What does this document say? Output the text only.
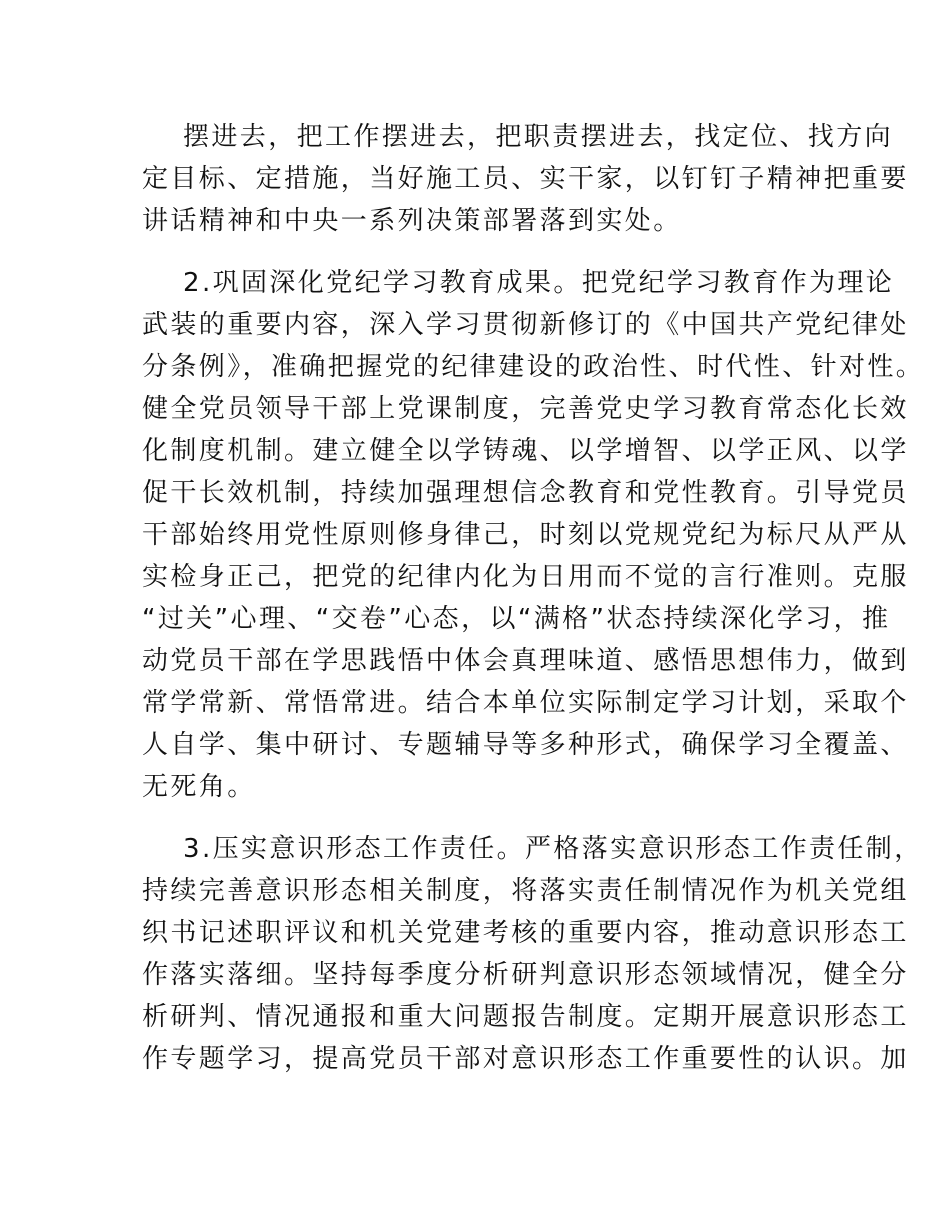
摆进去，把工作摆进去，把职责摆进去，找定位、找方向
定目标、定措施，当好施工员、实干家，以钉钉子精神把重要
讲话精神和中央一系列决策部署落到实处。
2.巩固深化党纪学习教育成果。把党纪学习教育作为理论
武装的重要内容，深入学习贯彻新修订的《中国共产党纪律处
分条例》，准确把握党的纪律建设的政治性、时代性、针对性。
健全党员领导干部上党课制度，完善党史学习教育常态化长效
化制度机制。建立健全以学铸魂、以学增智、以学正风、以学
促干长效机制，持续加强理想信念教育和党性教育。引导党员
干部始终用党性原则修身律己，时刻以党规党纪为标尺从严从
实检身正己，把党的纪律内化为日用而不觉的言行准则。克服
“过关”心理、“交卷”心态，以“满格”状态持续深化学习，推
动党员干部在学思践悟中体会真理味道、感悟思想伟力，做到
常学常新、常悟常进。结合本单位实际制定学习计划，采取个
人自学、集中研讨、专题辅导等多种形式，确保学习全覆盖、
无死角。
3.压实意识形态工作责任。严格落实意识形态工作责任制，
持续完善意识形态相关制度，将落实责任制情况作为机关党组
织书记述职评议和机关党建考核的重要内容，推动意识形态工
作落实落细。坚持每季度分析研判意识形态领域情况，健全分
析研判、情况通报和重大问题报告制度。定期开展意识形态工
作专题学习，提高党员干部对意识形态工作重要性的认识。加
